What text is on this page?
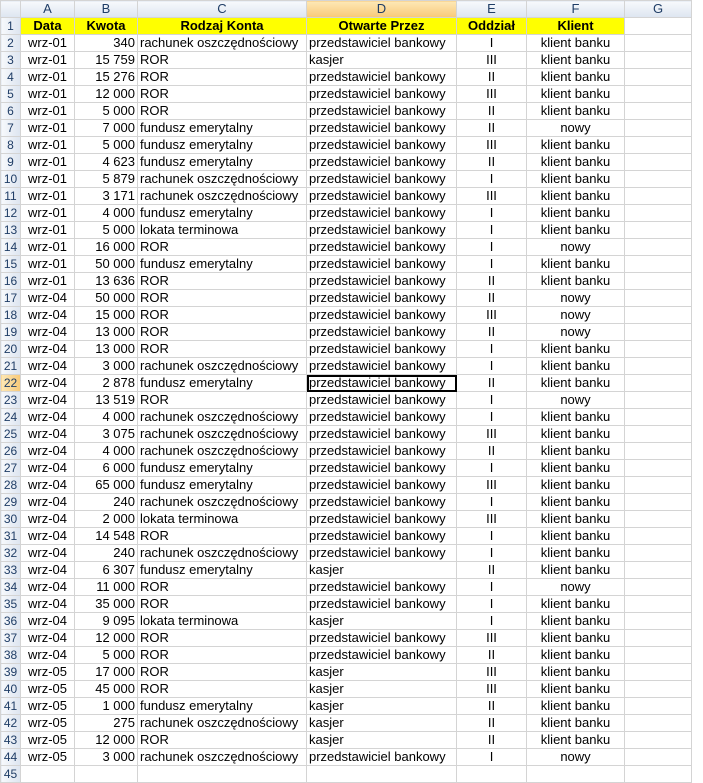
	A	B	C	D	E	F	G
1	Data	Kwota	Rodzaj Konta	Otwarte Przez	Oddział	Klient	
2	wrz-01	340	rachunek oszczędnościowy	przedstawiciel bankowy	I	klient banku	
3	wrz-01	15 759	ROR	kasjer	III	klient banku	
4	wrz-01	15 276	ROR	przedstawiciel bankowy	II	klient banku	
5	wrz-01	12 000	ROR	przedstawiciel bankowy	III	klient banku	
6	wrz-01	5 000	ROR	przedstawiciel bankowy	II	klient banku	
7	wrz-01	7 000	fundusz emerytalny	przedstawiciel bankowy	II	nowy	
8	wrz-01	5 000	fundusz emerytalny	przedstawiciel bankowy	III	klient banku	
9	wrz-01	4 623	fundusz emerytalny	przedstawiciel bankowy	II	klient banku	
10	wrz-01	5 879	rachunek oszczędnościowy	przedstawiciel bankowy	I	klient banku	
11	wrz-01	3 171	rachunek oszczędnościowy	przedstawiciel bankowy	III	klient banku	
12	wrz-01	4 000	fundusz emerytalny	przedstawiciel bankowy	I	klient banku	
13	wrz-01	5 000	lokata terminowa	przedstawiciel bankowy	I	klient banku	
14	wrz-01	16 000	ROR	przedstawiciel bankowy	I	nowy	
15	wrz-01	50 000	fundusz emerytalny	przedstawiciel bankowy	I	klient banku	
16	wrz-01	13 636	ROR	przedstawiciel bankowy	II	klient banku	
17	wrz-04	50 000	ROR	przedstawiciel bankowy	II	nowy	
18	wrz-04	15 000	ROR	przedstawiciel bankowy	III	nowy	
19	wrz-04	13 000	ROR	przedstawiciel bankowy	II	nowy	
20	wrz-04	13 000	ROR	przedstawiciel bankowy	I	klient banku	
21	wrz-04	3 000	rachunek oszczędnościowy	przedstawiciel bankowy	I	klient banku	
22	wrz-04	2 878	fundusz emerytalny	przedstawiciel bankowy	II	klient banku	
23	wrz-04	13 519	ROR	przedstawiciel bankowy	I	nowy	
24	wrz-04	4 000	rachunek oszczędnościowy	przedstawiciel bankowy	I	klient banku	
25	wrz-04	3 075	rachunek oszczędnościowy	przedstawiciel bankowy	III	klient banku	
26	wrz-04	4 000	rachunek oszczędnościowy	przedstawiciel bankowy	II	klient banku	
27	wrz-04	6 000	fundusz emerytalny	przedstawiciel bankowy	I	klient banku	
28	wrz-04	65 000	fundusz emerytalny	przedstawiciel bankowy	III	klient banku	
29	wrz-04	240	rachunek oszczędnościowy	przedstawiciel bankowy	I	klient banku	
30	wrz-04	2 000	lokata terminowa	przedstawiciel bankowy	III	klient banku	
31	wrz-04	14 548	ROR	przedstawiciel bankowy	I	klient banku	
32	wrz-04	240	rachunek oszczędnościowy	przedstawiciel bankowy	I	klient banku	
33	wrz-04	6 307	fundusz emerytalny	kasjer	II	klient banku	
34	wrz-04	11 000	ROR	przedstawiciel bankowy	I	nowy	
35	wrz-04	35 000	ROR	przedstawiciel bankowy	I	klient banku	
36	wrz-04	9 095	lokata terminowa	kasjer	I	klient banku	
37	wrz-04	12 000	ROR	przedstawiciel bankowy	III	klient banku	
38	wrz-04	5 000	ROR	przedstawiciel bankowy	II	klient banku	
39	wrz-05	17 000	ROR	kasjer	III	klient banku	
40	wrz-05	45 000	ROR	kasjer	III	klient banku	
41	wrz-05	1 000	fundusz emerytalny	kasjer	II	klient banku	
42	wrz-05	275	rachunek oszczędnościowy	kasjer	II	klient banku	
43	wrz-05	12 000	ROR	kasjer	II	klient banku	
44	wrz-05	3 000	rachunek oszczędnościowy	przedstawiciel bankowy	I	nowy	
45							
